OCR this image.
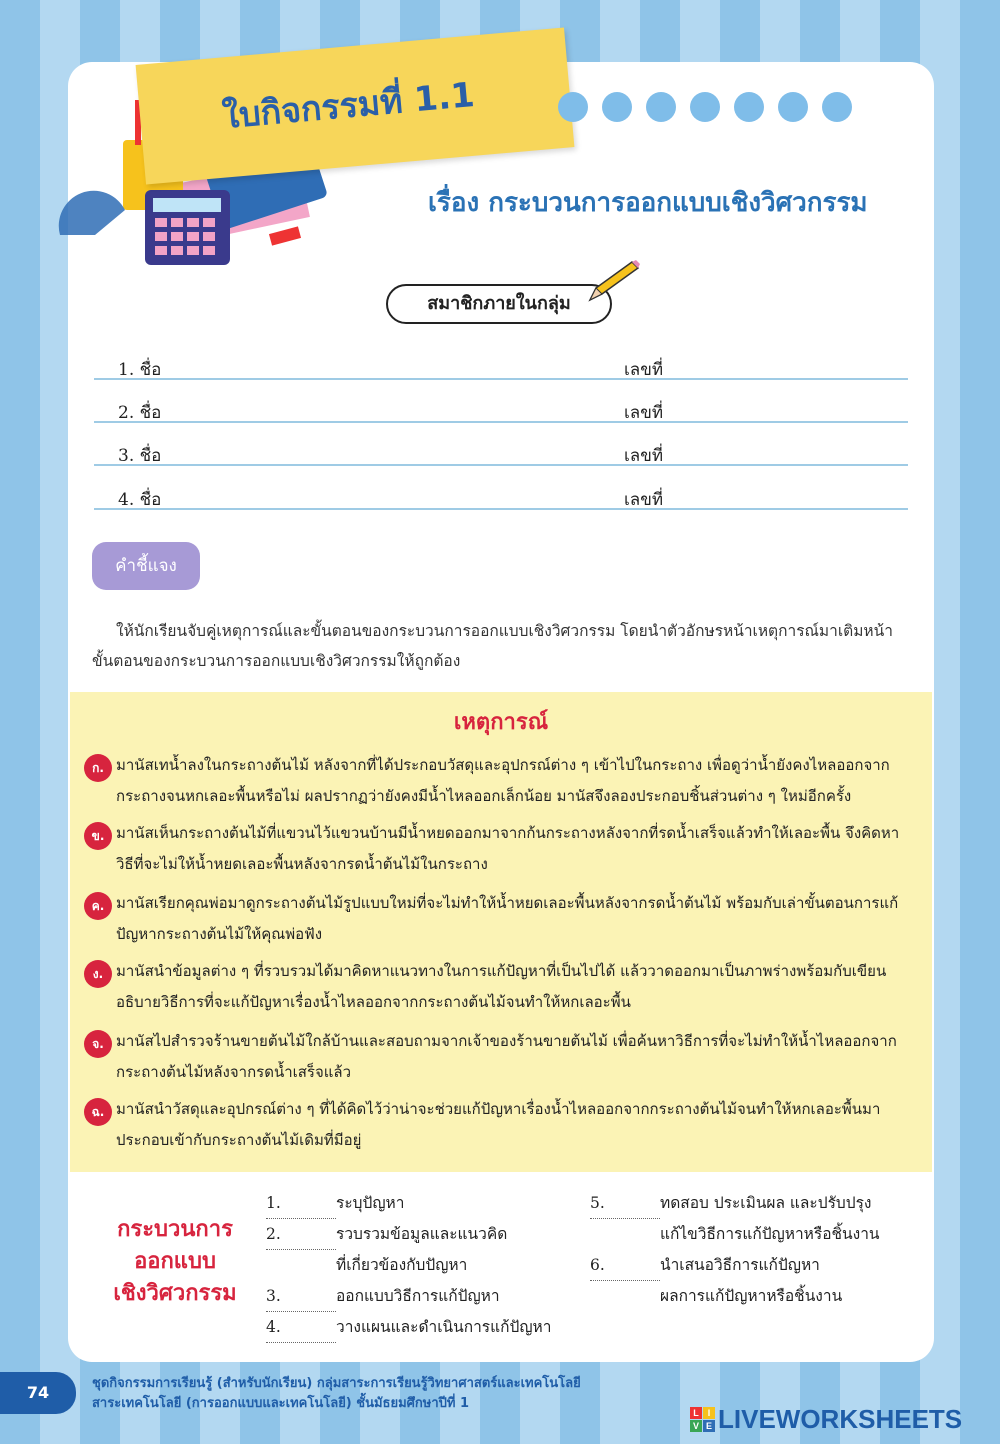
ใบกิจกรรมที่ 1.1
เรื่อง กระบวนการออกแบบเชิงวิศวกรรม
สมาชิกภายในกลุ่ม
1. ชื่อ	เลขที่
2. ชื่อ	เลขที่
3. ชื่อ	เลขที่
4. ชื่อ	เลขที่
คำชี้แจง
ให้นักเรียนจับคู่เหตุการณ์และขั้นตอนของกระบวนการออกแบบเชิงวิศวกรรม โดยนำตัวอักษรหน้าเหตุการณ์มาเติมหน้าขั้นตอนของกระบวนการออกแบบเชิงวิศวกรรมให้ถูกต้อง
เหตุการณ์
ก. มานัสเทน้ำลงในกระถางต้นไม้ หลังจากที่ได้ประกอบวัสดุและอุปกรณ์ต่าง ๆ เข้าไปในกระถาง เพื่อดูว่าน้ำยังคงไหลออกจากกระถางจนหกเลอะพื้นหรือไม่ ผลปรากฏว่ายังคงมีน้ำไหลออกเล็กน้อย มานัสจึงลองประกอบชิ้นส่วนต่าง ๆ ใหม่อีกครั้ง
ข. มานัสเห็นกระถางต้นไม้ที่แขวนไว้แขวนบ้านมีน้ำหยดออกมาจากก้นกระถางหลังจากที่รดน้ำเสร็จแล้วทำให้เลอะพื้น จึงคิดหาวิธีที่จะไม่ให้น้ำหยดเลอะพื้นหลังจากรดน้ำต้นไม้ในกระถาง
ค. มานัสเรียกคุณพ่อมาดูกระถางต้นไม้รูปแบบใหม่ที่จะไม่ทำให้น้ำหยดเลอะพื้นหลังจากรดน้ำต้นไม้ พร้อมกับเล่าขั้นตอนการแก้ปัญหากระถางต้นไม้ให้คุณพ่อฟัง
ง. มานัสนำข้อมูลต่าง ๆ ที่รวบรวมได้มาคิดหาแนวทางในการแก้ปัญหาที่เป็นไปได้ แล้ววาดออกมาเป็นภาพร่างพร้อมกับเขียนอธิบายวิธีการที่จะแก้ปัญหาเรื่องน้ำไหลออกจากกระถางต้นไม้จนทำให้หกเลอะพื้น
จ. มานัสไปสำรวจร้านขายต้นไม้ใกล้บ้านและสอบถามจากเจ้าของร้านขายต้นไม้ เพื่อค้นหาวิธีการที่จะไม่ทำให้น้ำไหลออกจากกระถางต้นไม้หลังจากรดน้ำเสร็จแล้ว
ฉ. มานัสนำวัสดุและอุปกรณ์ต่าง ๆ ที่ได้คิดไว้ว่าน่าจะช่วยแก้ปัญหาเรื่องน้ำไหลออกจากกระถางต้นไม้จนทำให้หกเลอะพื้นมาประกอบเข้ากับกระถางต้นไม้เดิมที่มีอยู่
กระบวนการ
ออกแบบ
เชิงวิศวกรรม
1.	ระบุปัญหา
2.	รวบรวมข้อมูลและแนวคิด
ที่เกี่ยวข้องกับปัญหา
3.	ออกแบบวิธีการแก้ปัญหา
4.	วางแผนและดำเนินการแก้ปัญหา
5.	ทดสอบ ประเมินผล และปรับปรุง
แก้ไขวิธีการแก้ปัญหาหรือชิ้นงาน
6.	นำเสนอวิธีการแก้ปัญหา
ผลการแก้ปัญหาหรือชิ้นงาน
74	ชุดกิจกรรมการเรียนรู้ (สำหรับนักเรียน) กลุ่มสาระการเรียนรู้วิทยาศาสตร์และเทคโนโลยี
สาระเทคโนโลยี (การออกแบบและเทคโนโลยี) ชั้นมัธยมศึกษาปีที่ 1
L I
V E LIVEWORKSHEETS
